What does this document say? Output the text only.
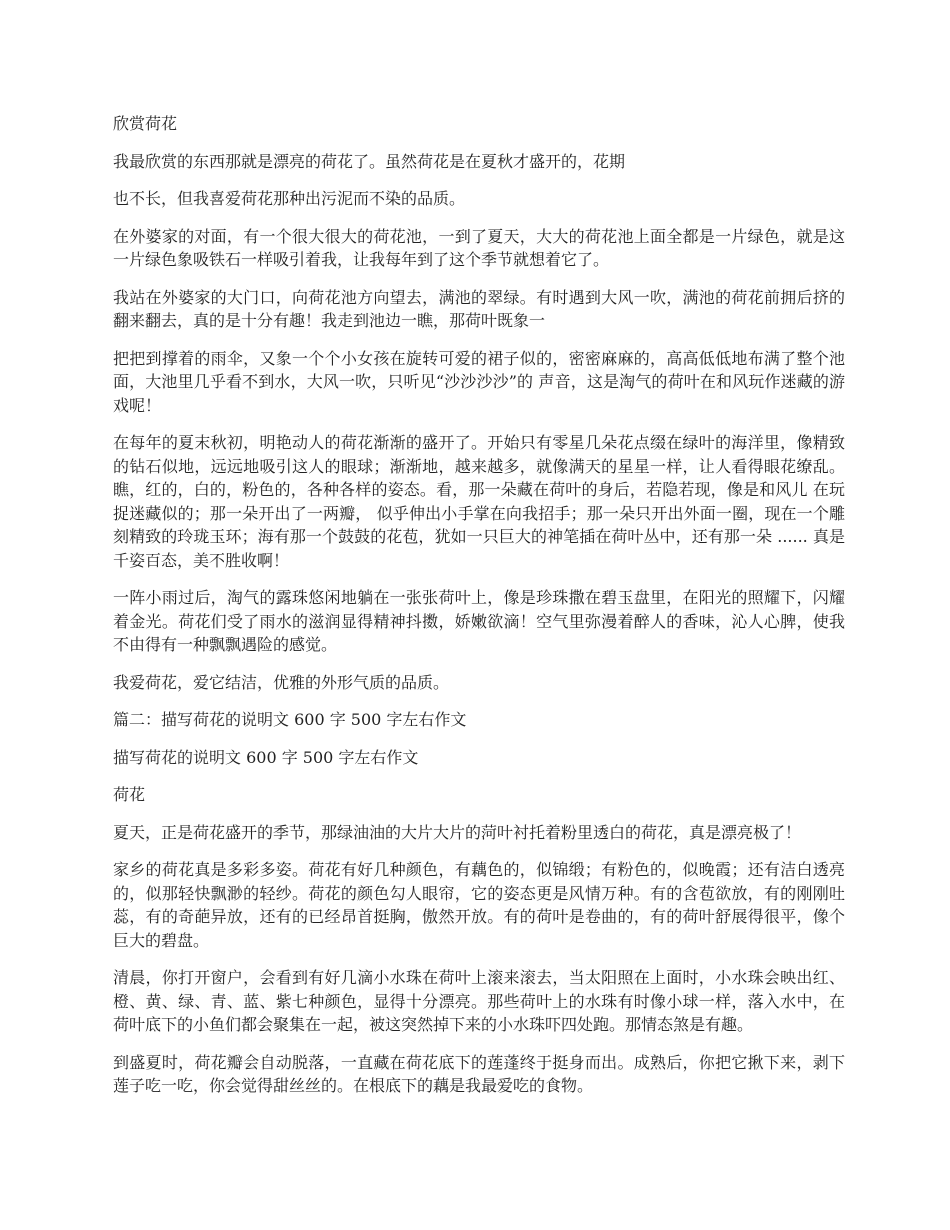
欣赏荷花

我最欣赏的东西那就是漂亮的荷花了。虽然荷花是在夏秋才盛开的，花期

也不长，但我喜爱荷花那种出污泥而不染的品质。

在外婆家的对面，有一个很大很大的荷花池，一到了夏天，大大的荷花池上面全都是一片绿色，就是这一片绿色象吸铁石一样吸引着我，让我每年到了这个季节就想着它了。

我站在外婆家的大门口，向荷花池方向望去，满池的翠绿。有时遇到大风一吹，满池的荷花前拥后挤的翻来翻去，真的是十分有趣！我走到池边一瞧，那荷叶既象一

把把到撑着的雨伞，又象一个个小女孩在旋转可爱的裙子似的，密密麻麻的，高高低低地布满了整个池面，大池里几乎看不到水，大风一吹，只听见“沙沙沙沙”的 声音，这是淘气的荷叶在和风玩作迷藏的游戏呢！

在每年的夏末秋初，明艳动人的荷花渐渐的盛开了。开始只有零星几朵花点缀在绿叶的海洋里，像精致的钻石似地，远远地吸引这人的眼球；渐渐地，越来越多，就像满天的星星一样，让人看得眼花缭乱。瞧，红的，白的，粉色的，各种各样的姿态。看，那一朵藏在荷叶的身后，若隐若现，像是和风儿 在玩捉迷藏似的；那一朵开出了一两瓣， 似乎伸出小手掌在向我招手；那一朵只开出外面一圈，现在一个雕刻精致的玲珑玉环；海有那一个鼓鼓的花苞，犹如一只巨大的神笔插在荷叶丛中，还有那一朵 ...... 真是千姿百态，美不胜收啊！

一阵小雨过后，淘气的露珠悠闲地躺在一张张荷叶上，像是珍珠撒在碧玉盘里，在阳光的照耀下，闪耀着金光。荷花们受了雨水的滋润显得精神抖擞，娇嫩欲滴！空气里弥漫着醉人的香味，沁人心脾，使我不由得有一种飘飘遇险的感觉。

我爱荷花，爱它结洁，优雅的外形气质的品质。

篇二：描写荷花的说明文 600 字 500 字左右作文

描写荷花的说明文 600 字 500 字左右作文

荷花

夏天，正是荷花盛开的季节，那绿油油的大片大片的菏叶衬托着粉里透白的荷花，真是漂亮极了！

家乡的荷花真是多彩多姿。荷花有好几种颜色，有藕色的，似锦缎；有粉色的，似晚霞；还有洁白透亮的，似那轻快飘渺的轻纱。荷花的颜色勾人眼帘，它的姿态更是风情万种。有的含苞欲放，有的刚刚吐蕊，有的奇葩异放，还有的已经昂首挺胸，傲然开放。有的荷叶是卷曲的，有的荷叶舒展得很平，像个巨大的碧盘。

清晨，你打开窗户，会看到有好几滴小水珠在荷叶上滚来滚去，当太阳照在上面时，小水珠会映出红、橙、黄、绿、青、蓝、紫七种颜色，显得十分漂亮。那些荷叶上的水珠有时像小球一样，落入水中，在荷叶底下的小鱼们都会聚集在一起，被这突然掉下来的小水珠吓四处跑。那情态煞是有趣。

到盛夏时，荷花瓣会自动脱落，一直藏在荷花底下的莲蓬终于挺身而出。成熟后，你把它揪下来，剥下莲子吃一吃，你会觉得甜丝丝的。在根底下的藕是我最爱吃的食物。
